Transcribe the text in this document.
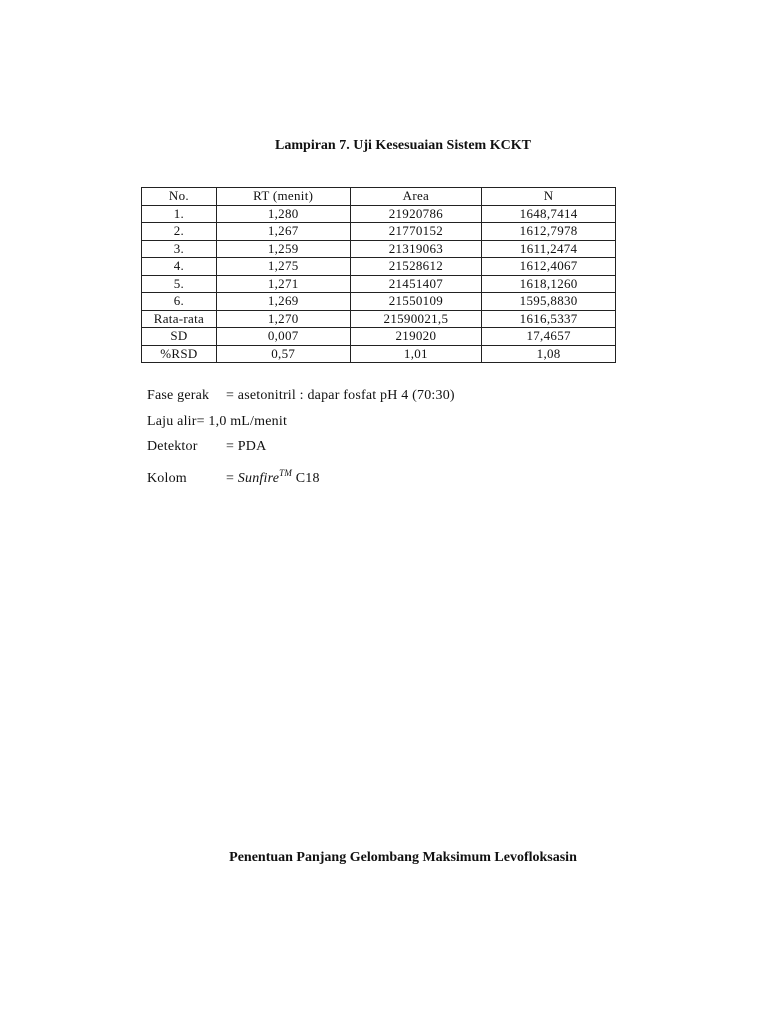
Lampiran 7. Uji Kesesuaian Sistem KCKT
No.	RT (menit)	Area	N
1.	1,280	21920786	1648,7414
2.	1,267	21770152	1612,7978
3.	1,259	21319063	1611,2474
4.	1,275	21528612	1612,4067
5.	1,271	21451407	1618,1260
6.	1,269	21550109	1595,8830
Rata-rata	1,270	21590021,5	1616,5337
SD	0,007	219020	17,4657
%RSD	0,57	1,01	1,08
Fase gerak = asetonitril : dapar fosfat pH 4 (70:30)
Laju alir= 1,0 mL/menit
Detektor = PDA
Kolom	= Sunfire™ C18
Penentuan Panjang Gelombang Maksimum Levofloksasin
